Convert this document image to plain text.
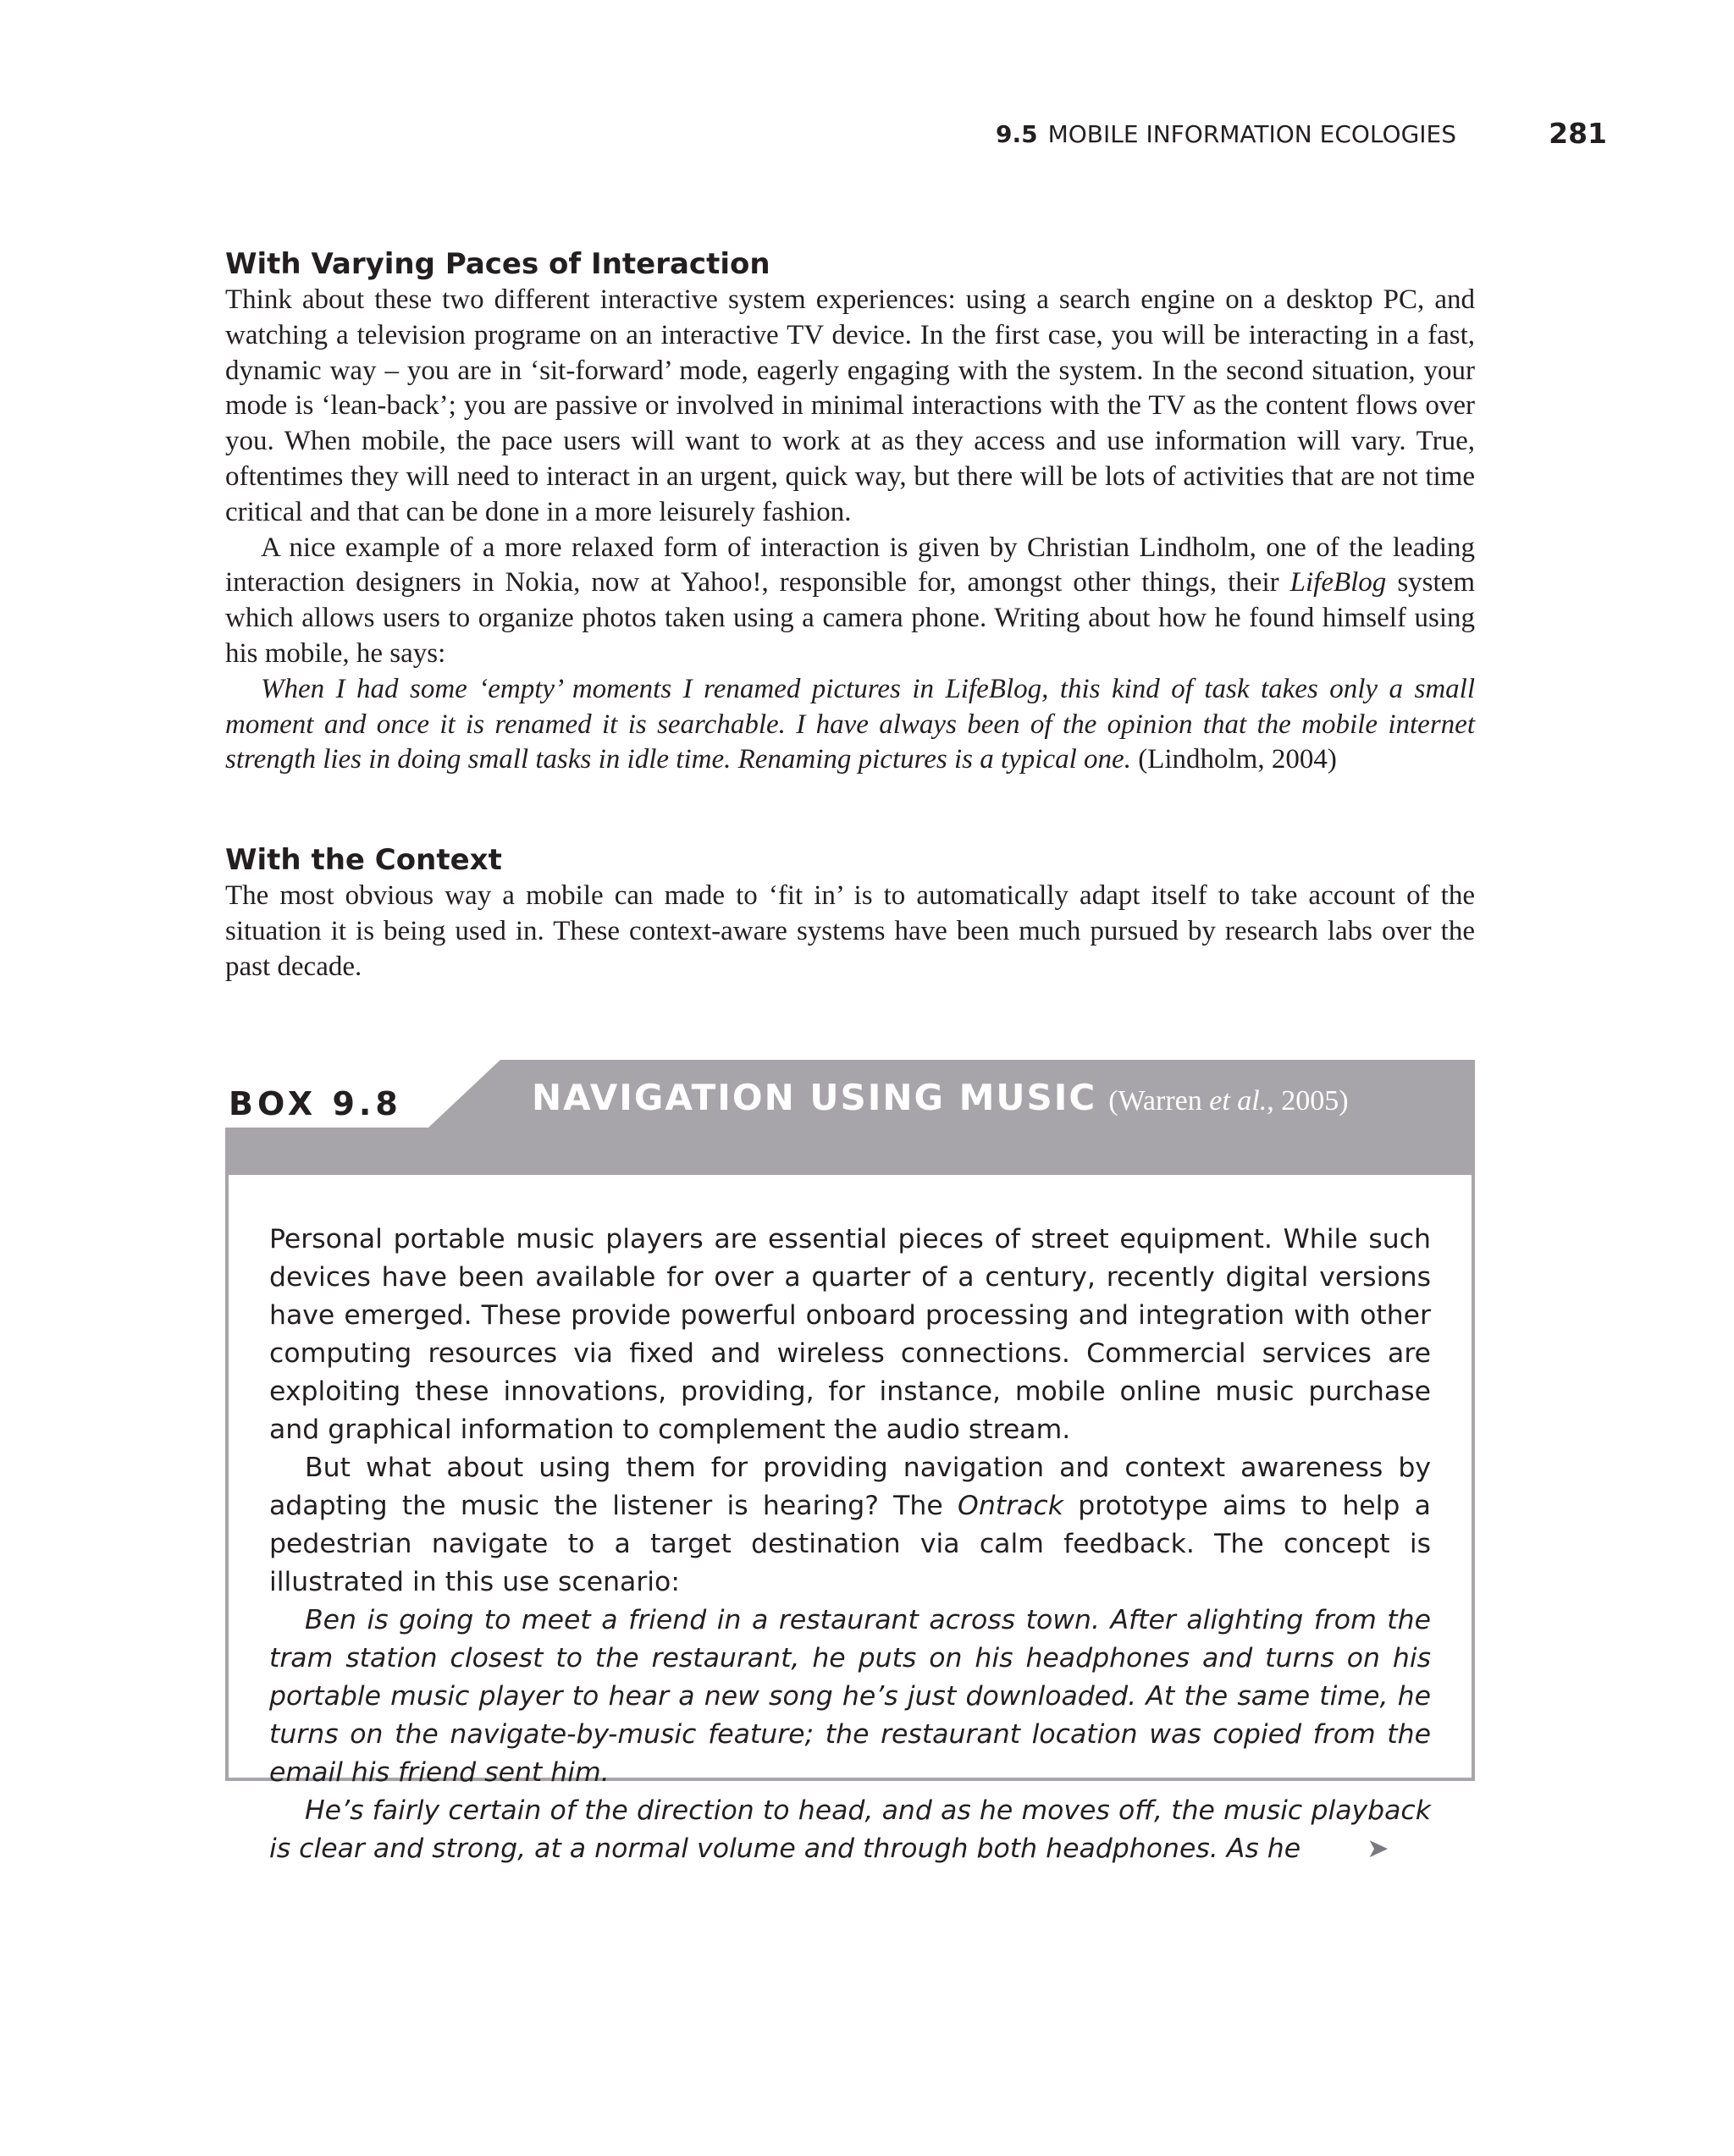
9.5 MOBILE INFORMATION ECOLOGIES	281
With Varying Paces of Interaction

Think about these two different interactive system experiences: using a search engine on a desktop PC, and watching a television programe on an interactive TV device. In the first case, you will be interacting in a fast, dynamic way – you are in ‘sit-forward’ mode, eagerly engaging with the system. In the second situation, your mode is ‘lean-back’; you are passive or involved in minimal interactions with the TV as the content flows over you. When mobile, the pace users will want to work at as they access and use information will vary. True, oftentimes they will need to interact in an urgent, quick way, but there will be lots of activities that are not time critical and that can be done in a more leisurely fashion.

A nice example of a more relaxed form of interaction is given by Christian Lindholm, one of the leading interaction designers in Nokia, now at Yahoo!, responsible for, amongst other things, their LifeBlog system which allows users to organize photos taken using a camera phone. Writing about how he found himself using his mobile, he says:

When I had some ‘empty’ moments I renamed pictures in LifeBlog, this kind of task takes only a small moment and once it is renamed it is searchable. I have always been of the opinion that the mobile internet strength lies in doing small tasks in idle time. Renaming pictures is a typical one. (Lindholm, 2004)

With the Context

The most obvious way a mobile can made to ‘fit in’ is to automatically adapt itself to take account of the situation it is being used in. These context-aware systems have been much pursued by research labs over the past decade.

BOX 9.8	NAVIGATION USING MUSIC (Warren et al., 2005)

Personal portable music players are essential pieces of street equipment. While such devices have been available for over a quarter of a century, recently digital versions have emerged. These provide powerful onboard processing and integration with other computing resources via fixed and wireless connections. Commercial services are exploiting these innovations, providing, for instance, mobile online music purchase and graphical information to complement the audio stream.

But what about using them for providing navigation and context awareness by adapting the music the listener is hearing? The Ontrack prototype aims to help a pedestrian navigate to a target destination via calm feedback. The concept is illustrated in this use scenario:

Ben is going to meet a friend in a restaurant across town. After alighting from the tram station closest to the restaurant, he puts on his headphones and turns on his portable music player to hear a new song he’s just downloaded. At the same time, he turns on the navigate-by-music feature; the restaurant location was copied from the email his friend sent him.

He’s fairly certain of the direction to head, and as he moves off, the music playback is clear and strong, at a normal volume and through both headphones. As he ➤
